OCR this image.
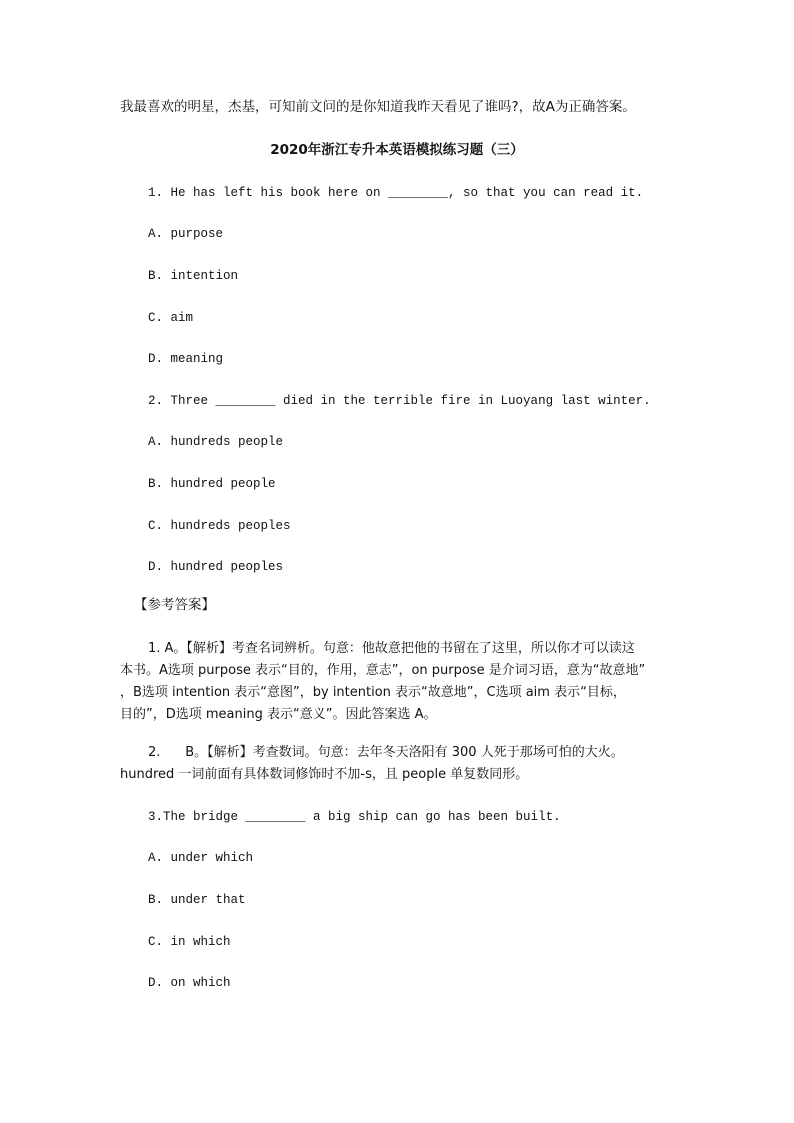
我最喜欢的明星，杰基，可知前文问的是你知道我昨天看见了谁吗?，故A为正确答案。
2020年浙江专升本英语模拟练习题（三）
1. He has left his book here on ________, so that you can read it.
A. purpose
B. intention
C. aim
D. meaning
2. Three ________ died in the terrible fire in Luoyang last winter.
A. hundreds people
B. hundred people
C. hundreds peoples
D. hundred peoples
【参考答案】
1. A。【解析】考查名词辨析。句意：他故意把他的书留在了这里，所以你才可以读这
本书。A选项 purpose 表示“目的，作用，意志”，on purpose 是介词习语，意为“故意地”
，B选项 intention 表示“意图”，by intention 表示“故意地”，C选项 aim 表示“目标，
目的”，D选项 meaning 表示“意义”。因此答案选 A。
2.      B。【解析】考查数词。句意：去年冬天洛阳有 300 人死于那场可怕的大火。
hundred 一词前面有具体数词修饰时不加-s，且 people 单复数同形。
3.The bridge ________ a big ship can go has been built.
A. under which
B. under that
C. in which
D. on which
